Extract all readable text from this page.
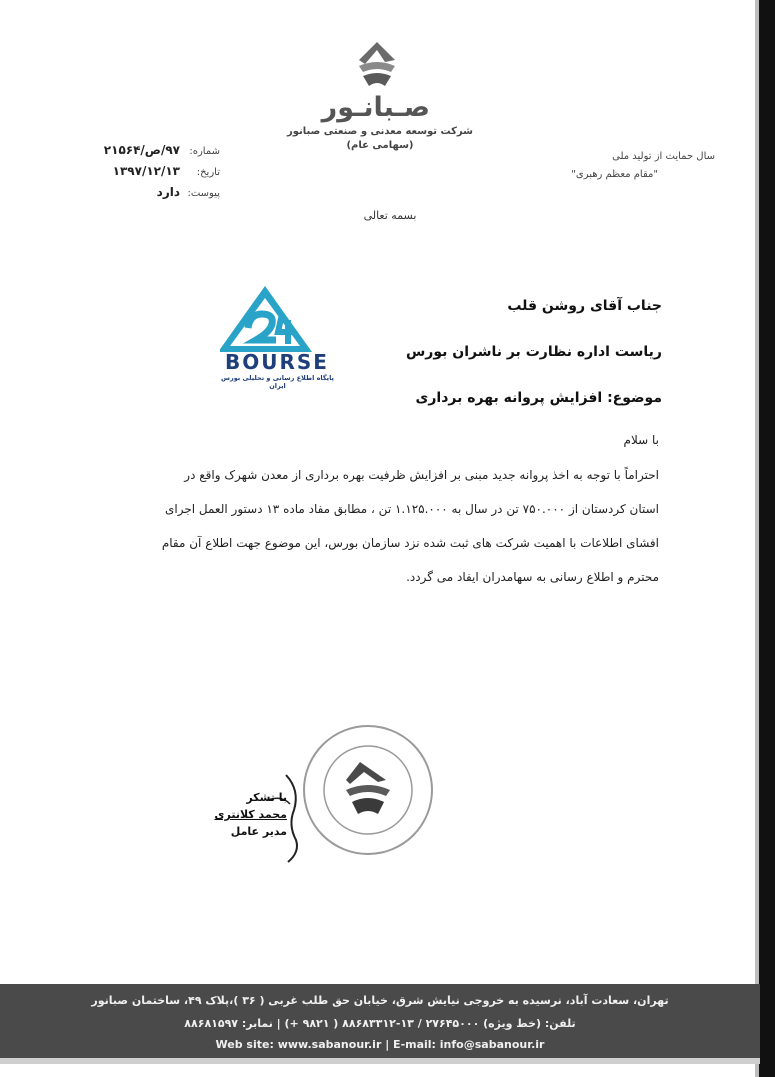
صـبانـور
شرکت توسعه معدنی و صنعتی صبانور
(سهامی عام)
شماره:
۹۷/ص/۲۱۵۶۴
تاریخ:
۱۳۹۷/۱۲/۱۳
پیوست:
دارد
سال حمایت از تولید ملی
"مقام معظم رهبری"
بسمه تعالی
BOURSE
پایگاه اطلاع رسانی و تحلیلی بورس ایران
جناب آقای روشن قلب
ریاست اداره نظارت بر ناشران بورس
موضوع: افزایش پروانه بهره برداری
با سلام
احتراماً با توجه به اخذ پروانه جدید مبنی بر افزایش ظرفیت بهره برداری از معدن شهرک واقع در
استان کردستان از ۷۵۰.۰۰۰ تن در سال به ۱.۱۲۵.۰۰۰ تن ، مطابق مفاد ماده ۱۳ دستور العمل اجرای
افشای اطلاعات با اهمیت شرکت های ثبت شده نزد سازمان بورس، این موضوع جهت اطلاع آن مقام
محترم و اطلاع رسانی به سهامدران ایفاد می گردد.
با تشکر
محمد کلانتری
مدیر عامل
تهران، سعادت آباد، نرسیده به خروجی نیایش شرق، خیابان حق طلب غربی ( ۳۶ )،پلاک ۴۹، ساختمان صبانور
تلفن: (خط ویژه) ۲۷۶۴۵۰۰۰ / ۱۳-۸۸۶۸۳۳۱۲ ( ۹۸۲۱ +) | نمابر: ۸۸۶۸۱۵۹۷
Web site: www.sabanour.ir | E-mail: info@sabanour.ir
